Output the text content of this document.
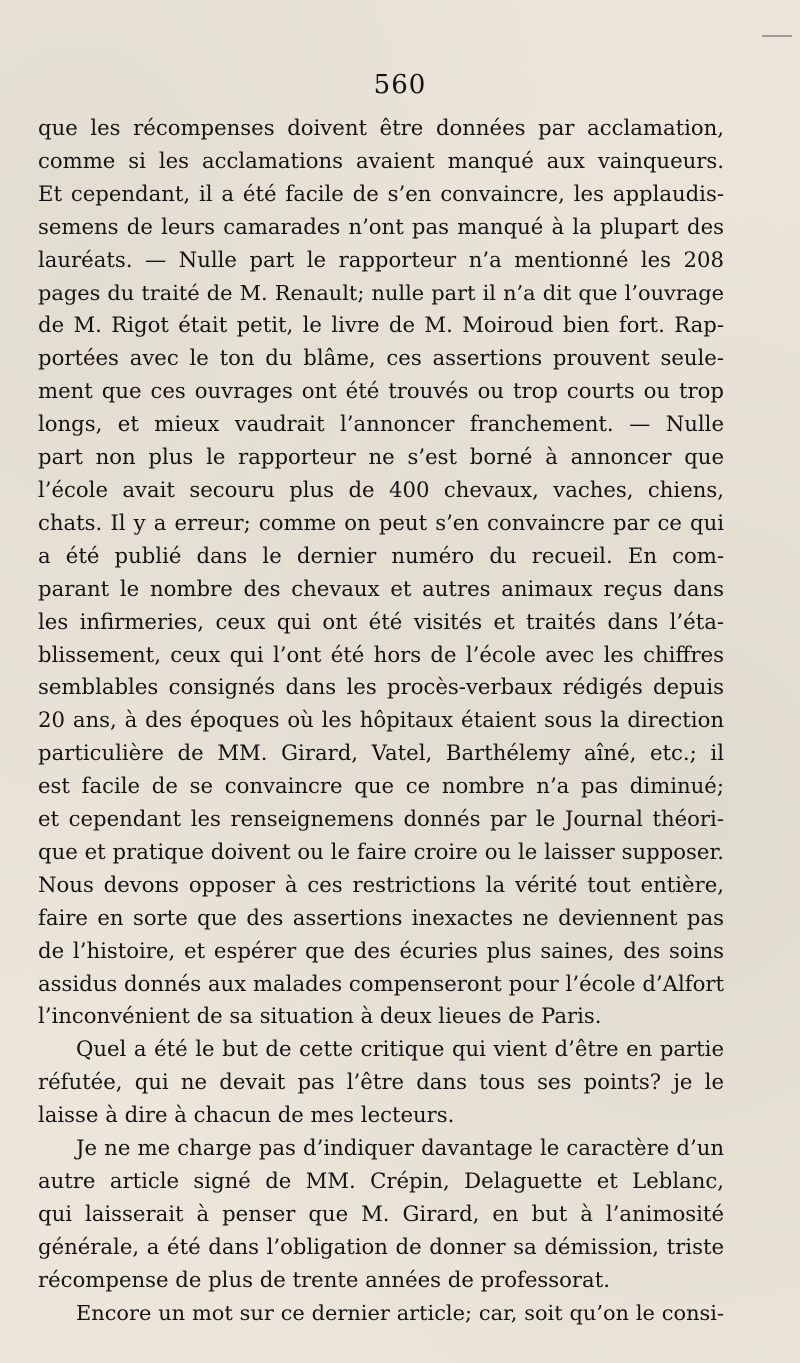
560
que les récompenses doivent être données par acclamation,
comme si les acclamations avaient manqué aux vainqueurs.
Et cependant, il a été facile de s’en convaincre, les applaudis-
semens de leurs camarades n’ont pas manqué à la plupart des
lauréats. — Nulle part le rapporteur n’a mentionné les 208
pages du traité de M. Renault; nulle part il n’a dit que l’ouvrage
de M. Rigot était petit, le livre de M. Moiroud bien fort. Rap-
portées avec le ton du blâme, ces assertions prouvent seule-
ment que ces ouvrages ont été trouvés ou trop courts ou trop
longs, et mieux vaudrait l’annoncer franchement. — Nulle
part non plus le rapporteur ne s’est borné à annoncer que
l’école avait secouru plus de 400 chevaux, vaches, chiens,
chats. Il y a erreur; comme on peut s’en convaincre par ce qui
a été publié dans le dernier numéro du recueil. En com-
parant le nombre des chevaux et autres animaux reçus dans
les infirmeries, ceux qui ont été visités et traités dans l’éta-
blissement, ceux qui l’ont été hors de l’école avec les chiffres
semblables consignés dans les procès-verbaux rédigés depuis
20 ans, à des époques où les hôpitaux étaient sous la direction
particulière de MM. Girard, Vatel, Barthélemy aîné, etc.; il
est facile de se convaincre que ce nombre n’a pas diminué;
et cependant les renseignemens donnés par le Journal théori-
que et pratique doivent ou le faire croire ou le laisser supposer.
Nous devons opposer à ces restrictions la vérité tout entière,
faire en sorte que des assertions inexactes ne deviennent pas
de l’histoire, et espérer que des écuries plus saines, des soins
assidus donnés aux malades compenseront pour l’école d’Alfort
l’inconvénient de sa situation à deux lieues de Paris.
Quel a été le but de cette critique qui vient d’être en partie
réfutée, qui ne devait pas l’être dans tous ses points? je le
laisse à dire à chacun de mes lecteurs.
Je ne me charge pas d’indiquer davantage le caractère d’un
autre article signé de MM. Crépin, Delaguette et Leblanc,
qui laisserait à penser que M. Girard, en but à l’animosité
générale, a été dans l’obligation de donner sa démission, triste
récompense de plus de trente années de professorat.
Encore un mot sur ce dernier article; car, soit qu’on le consi-
